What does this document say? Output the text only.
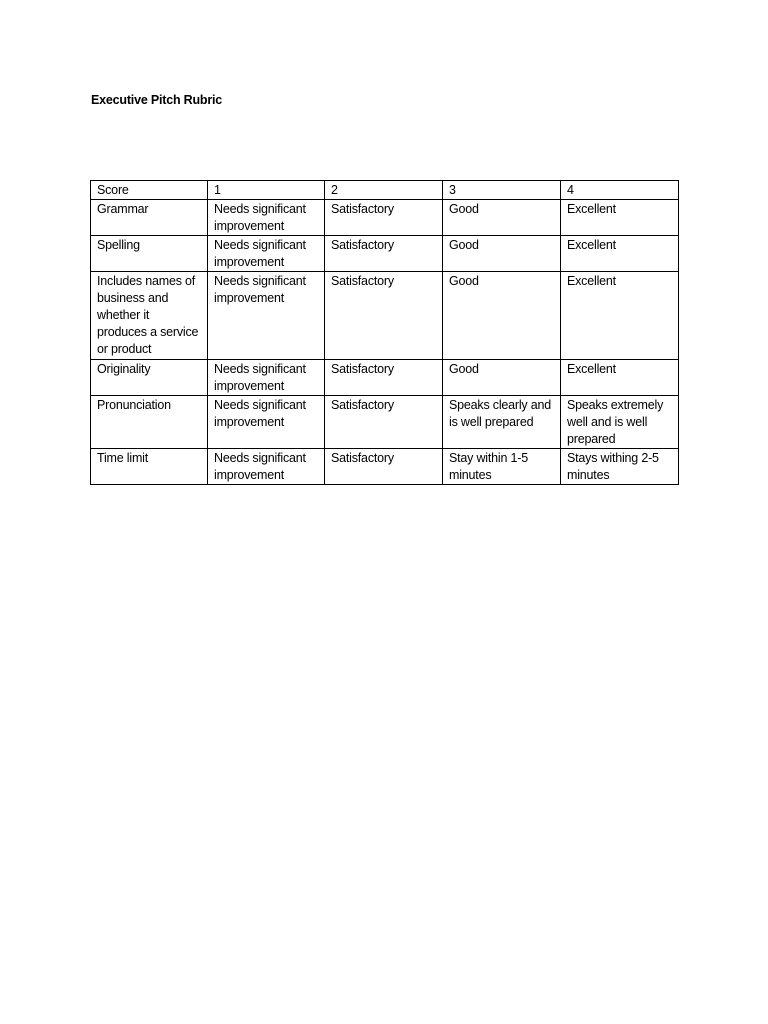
Executive Pitch Rubric
Score	1	2	3	4
Grammar	Needs significant improvement	Satisfactory	Good	Excellent
Spelling	Needs significant improvement	Satisfactory	Good	Excellent
Includes names of business and whether it produces a service or product	Needs significant improvement	Satisfactory	Good	Excellent
Originality	Needs significant improvement	Satisfactory	Good	Excellent
Pronunciation	Needs significant improvement	Satisfactory	Speaks clearly and is well prepared	Speaks extremely well and is well prepared
Time limit	Needs significant improvement	Satisfactory	Stay within 1-5 minutes	Stays withing 2-5 minutes
